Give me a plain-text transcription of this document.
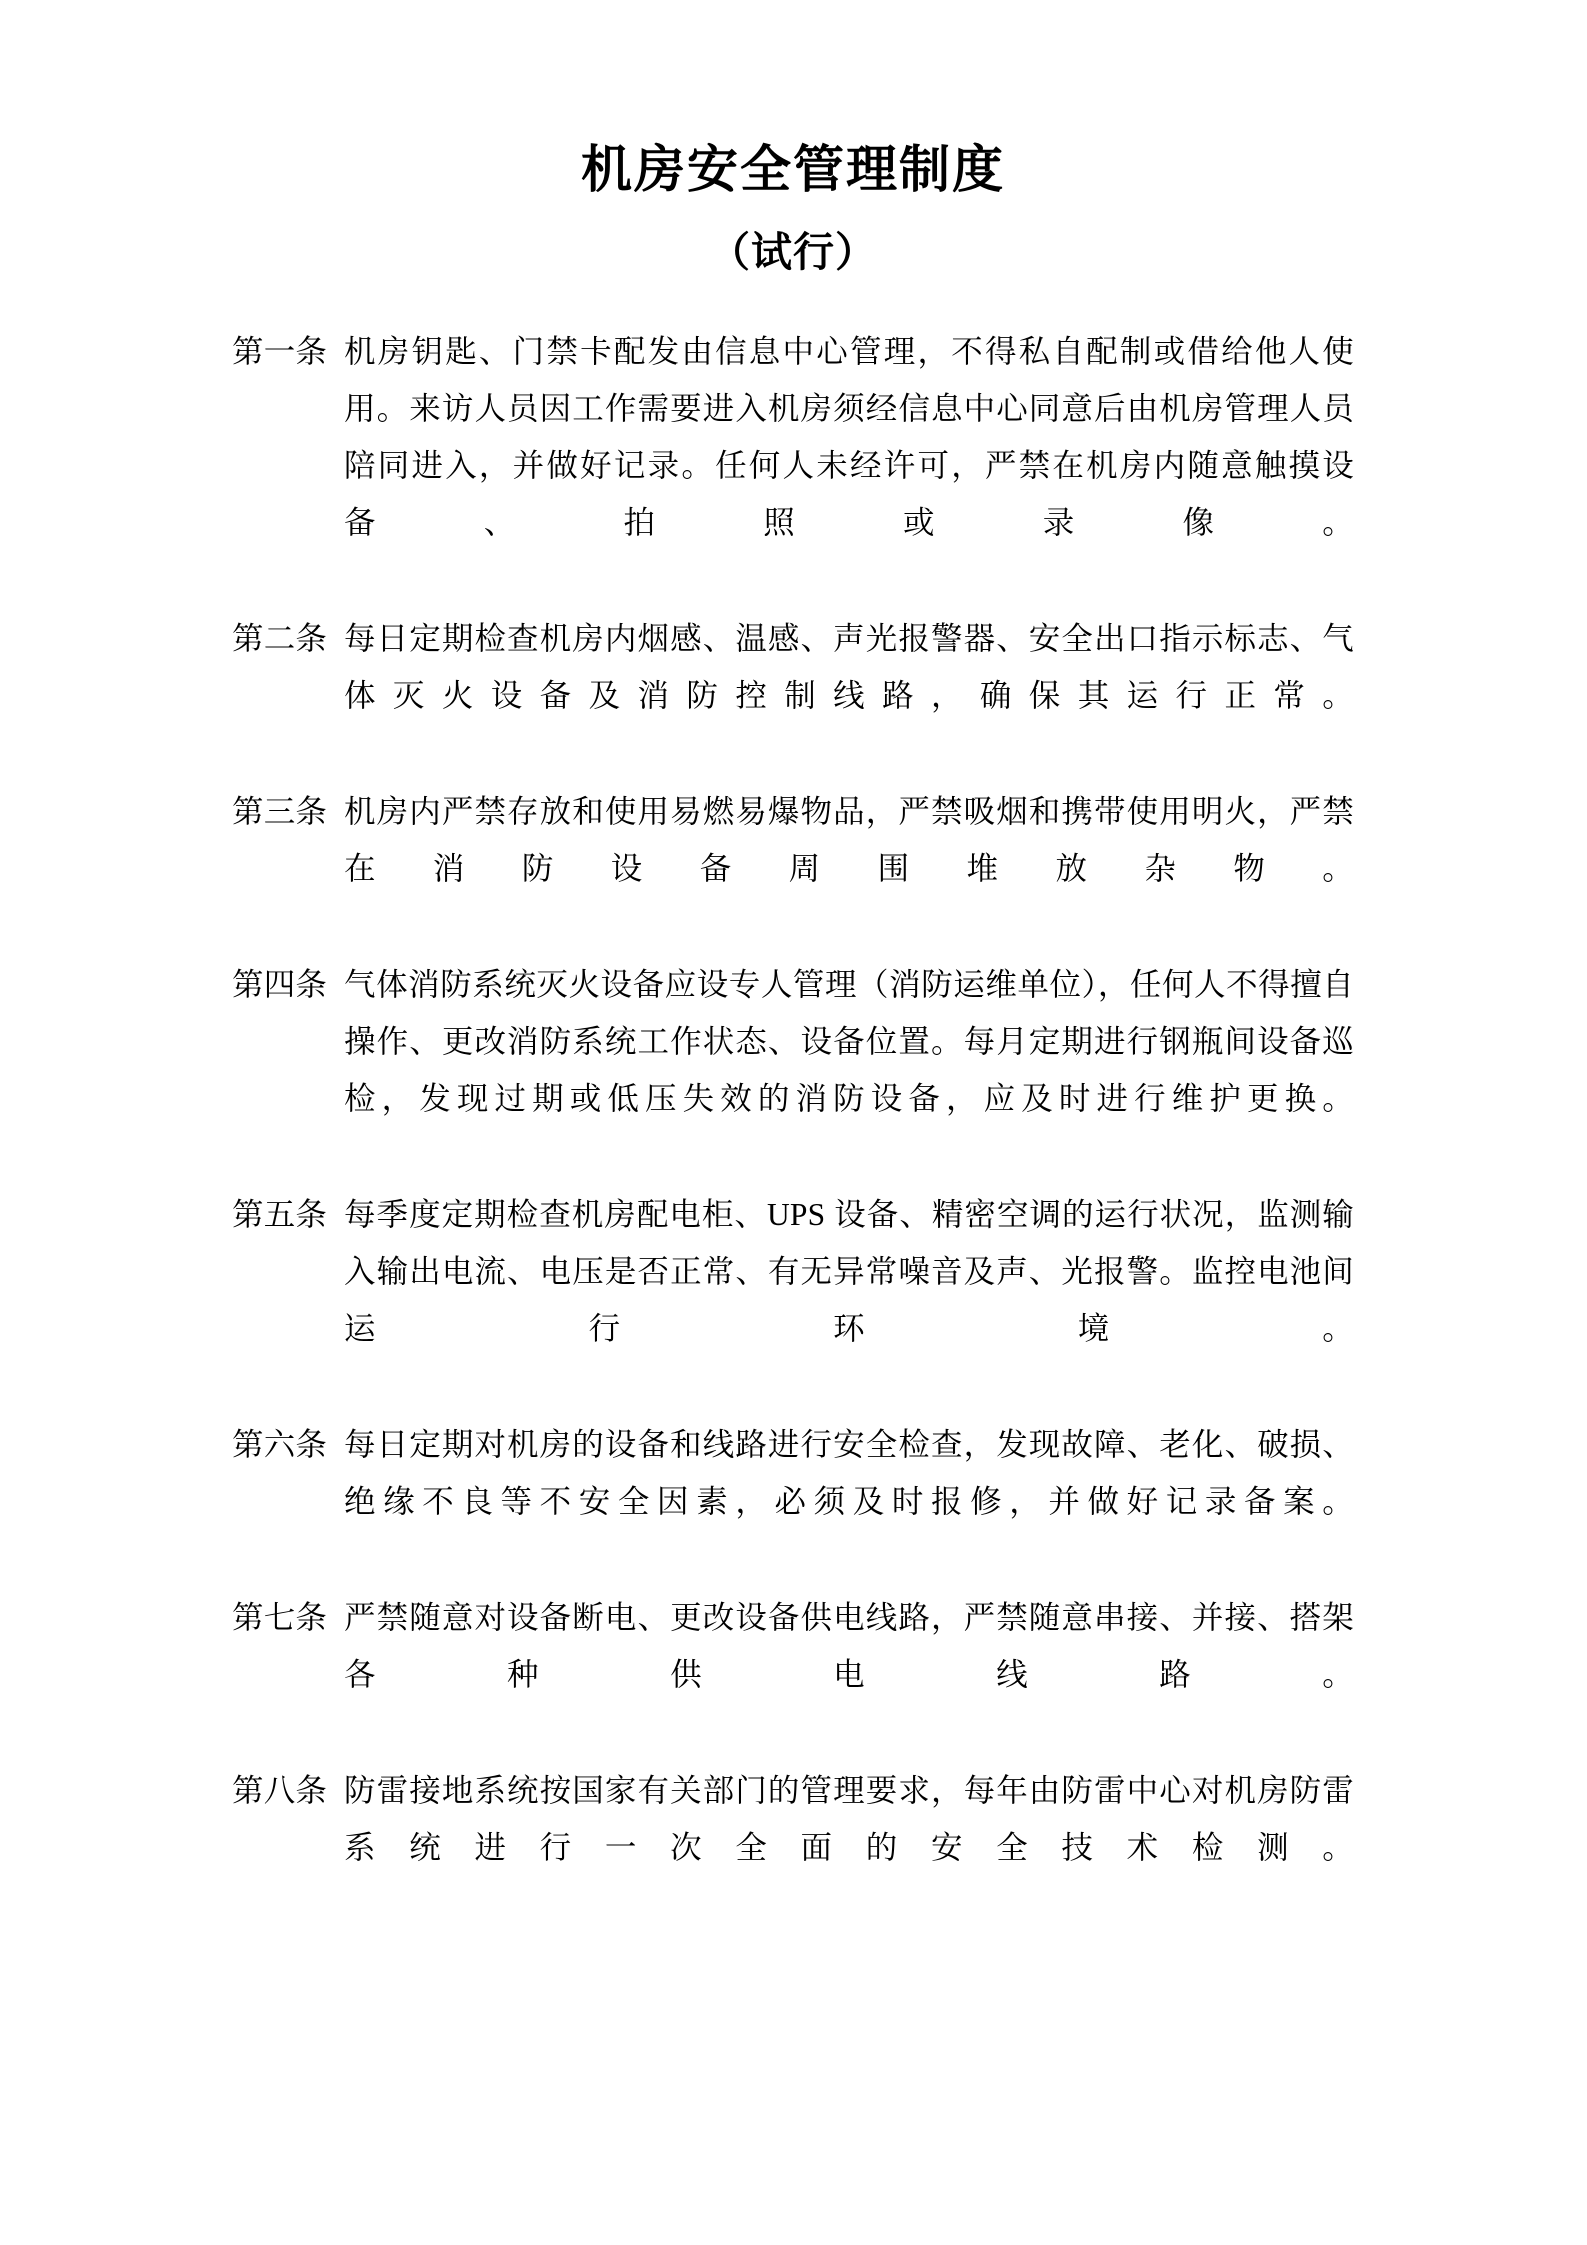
机房安全管理制度
（试行）
第一条 机房钥匙、门禁卡配发由信息中心管理，不得私自配制或借给他人使用。来访人员因工作需要进入机房须经信息中心同意后由机房管理人员陪同进入，并做好记录。任何人未经许可，严禁在机房内随意触摸设备、拍照或录像。
第二条 每日定期检查机房内烟感、温感、声光报警器、安全出口指示标志、气体灭火设备及消防控制线路，确保其运行正常。
第三条 机房内严禁存放和使用易燃易爆物品，严禁吸烟和携带使用明火，严禁在消防设备周围堆放杂物。
第四条 气体消防系统灭火设备应设专人管理（消防运维单位），任何人不得擅自操作、更改消防系统工作状态、设备位置。每月定期进行钢瓶间设备巡检，发现过期或低压失效的消防设备，应及时进行维护更换。
第五条 每季度定期检查机房配电柜、UPS 设备、精密空调的运行状况，监测输入输出电流、电压是否正常、有无异常噪音及声、光报警。监控电池间运行环境。
第六条 每日定期对机房的设备和线路进行安全检查，发现故障、老化、破损、绝缘不良等不安全因素，必须及时报修，并做好记录备案。
第七条 严禁随意对设备断电、更改设备供电线路，严禁随意串接、并接、搭架各种供电线路。
第八条 防雷接地系统按国家有关部门的管理要求，每年由防雷中心对机房防雷系统进行一次全面的安全技术检测。
